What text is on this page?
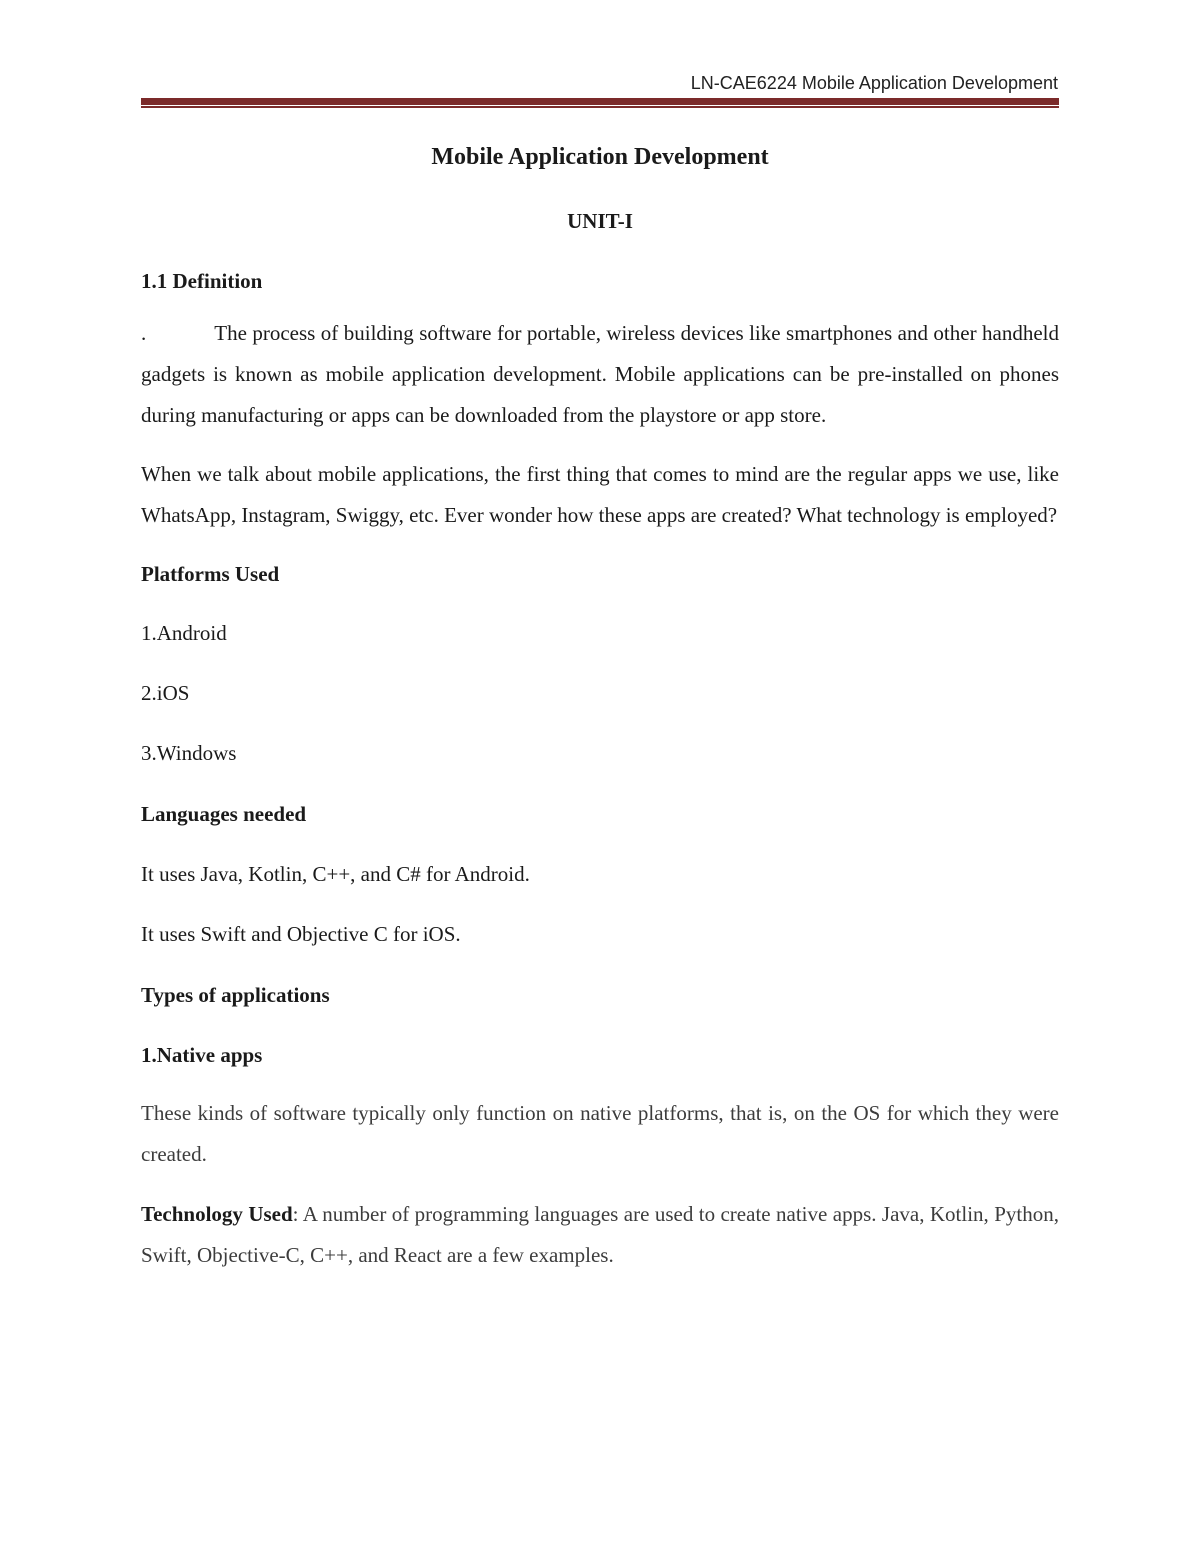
LN-CAE6224 Mobile Application Development
Mobile Application Development
UNIT-I
1.1 Definition

.	The process of building software for portable, wireless devices like smartphones and other handheld gadgets is known as mobile application development. Mobile applications can be pre-installed on phones during manufacturing or apps can be downloaded from the playstore or app store.

When we talk about mobile applications, the first thing that comes to mind are the regular apps we use, like WhatsApp, Instagram, Swiggy, etc. Ever wonder how these apps are created? What technology is employed?

Platforms Used
1.Android
2.iOS
3.Windows
Languages needed
It uses Java, Kotlin, C++, and C# for Android.
It uses Swift and Objective C for iOS.
Types of applications
1.Native apps

These kinds of software typically only function on native platforms, that is, on the OS for which they were created.

Technology Used: A number of programming languages are used to create native apps. Java, Kotlin, Python, Swift, Objective-C, C++, and React are a few examples.
